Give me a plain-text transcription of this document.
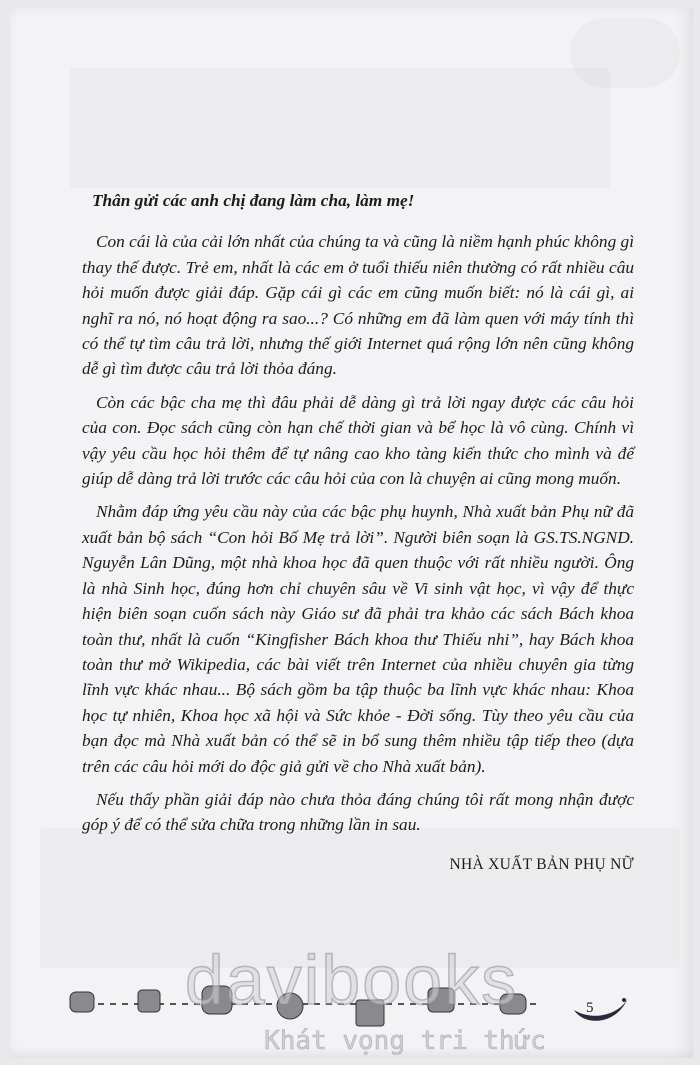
Thân gửi các anh chị đang làm cha, làm mẹ!

Con cái là của cải lớn nhất của chúng ta và cũng là niềm hạnh phúc không gì thay thế được. Trẻ em, nhất là các em ở tuổi thiếu niên thường có rất nhiều câu hỏi muốn được giải đáp. Gặp cái gì các em cũng muốn biết: nó là cái gì, ai nghĩ ra nó, nó hoạt động ra sao...? Có những em đã làm quen với máy tính thì có thể tự tìm câu trả lời, nhưng thế giới Internet quá rộng lớn nên cũng không dễ gì tìm được câu trả lời thỏa đáng.

Còn các bậc cha mẹ thì đâu phải dễ dàng gì trả lời ngay được các câu hỏi của con. Đọc sách cũng còn hạn chế thời gian và bể học là vô cùng. Chính vì vậy yêu cầu học hỏi thêm để tự nâng cao kho tàng kiến thức cho mình và để giúp dễ dàng trả lời trước các câu hỏi của con là chuyện ai cũng mong muốn.

Nhằm đáp ứng yêu cầu này của các bậc phụ huynh, Nhà xuất bản Phụ nữ đã xuất bản bộ sách “Con hỏi Bố Mẹ trả lời”. Người biên soạn là GS.TS.NGND. Nguyễn Lân Dũng, một nhà khoa học đã quen thuộc với rất nhiều người. Ông là nhà Sinh học, đúng hơn chỉ chuyên sâu về Vi sinh vật học, vì vậy để thực hiện biên soạn cuốn sách này Giáo sư đã phải tra khảo các sách Bách khoa toàn thư, nhất là cuốn “Kingfisher Bách khoa thư Thiếu nhi”, hay Bách khoa toàn thư mở Wikipedia, các bài viết trên Internet của nhiều chuyên gia từng lĩnh vực khác nhau... Bộ sách gồm ba tập thuộc ba lĩnh vực khác nhau: Khoa học tự nhiên, Khoa học xã hội và Sức khỏe - Đời sống. Tùy theo yêu cầu của bạn đọc mà Nhà xuất bản có thể sẽ in bổ sung thêm nhiều tập tiếp theo (dựa trên các câu hỏi mới do độc giả gửi về cho Nhà xuất bản).

Nếu thấy phần giải đáp nào chưa thỏa đáng chúng tôi rất mong nhận được góp ý để có thể sửa chữa trong những lần in sau.

NHÀ XUẤT BẢN PHỤ NỮ
5
davibooks
Khát vọng tri thức
